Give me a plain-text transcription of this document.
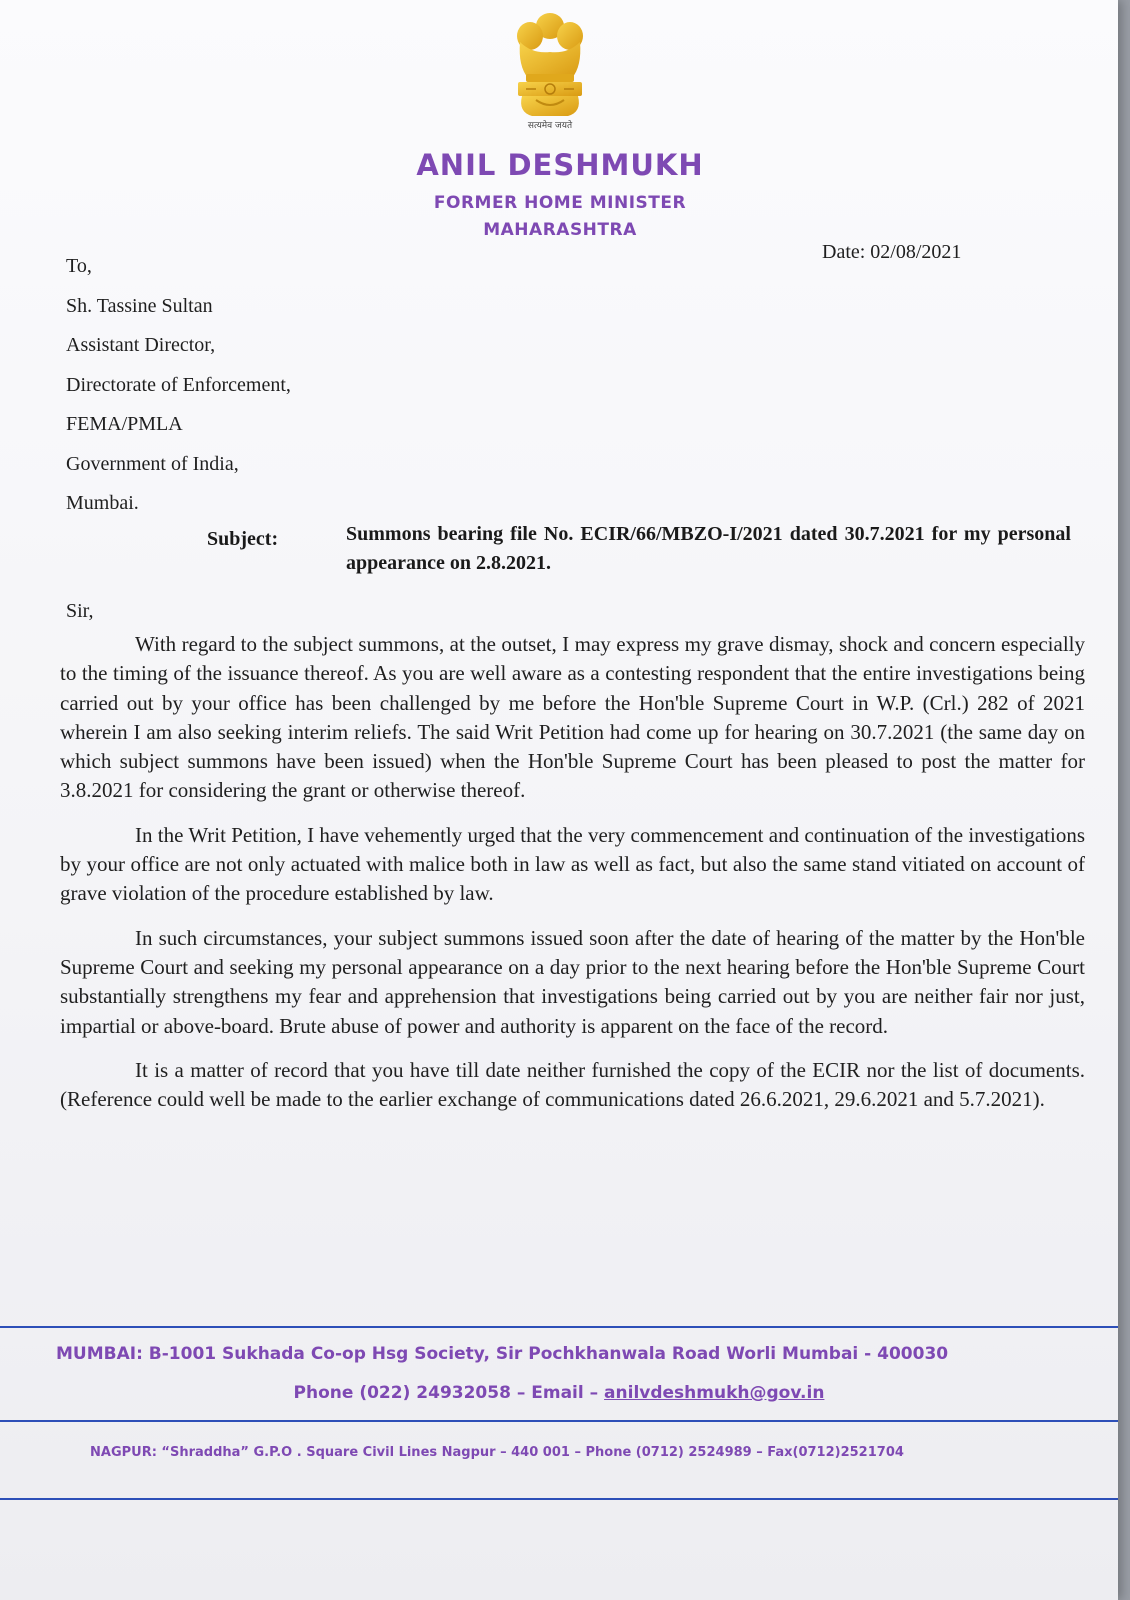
सत्यमेव जयते
ANIL DESHMUKH
FORMER HOME MINISTER
MAHARASHTRA
Date: 02/08/2021
To,
Sh. Tassine Sultan
Assistant Director,
Directorate of Enforcement,
FEMA/PMLA
Government of India,
Mumbai.
Subject:	Summons bearing file No. ECIR/66/MBZO-I/2021 dated 30.7.2021 for my personal appearance on 2.8.2021.
Sir,

With regard to the subject summons, at the outset, I may express my grave dismay, shock and concern especially to the timing of the issuance thereof. As you are well aware as a contesting respondent that the entire investigations being carried out by your office has been challenged by me before the Hon'ble Supreme Court in W.P. (Crl.) 282 of 2021 wherein I am also seeking interim reliefs. The said Writ Petition had come up for hearing on 30.7.2021 (the same day on which subject summons have been issued) when the Hon'ble Supreme Court has been pleased to post the matter for 3.8.2021 for considering the grant or otherwise thereof.

In the Writ Petition, I have vehemently urged that the very commencement and continuation of the investigations by your office are not only actuated with malice both in law as well as fact, but also the same stand vitiated on account of grave violation of the procedure established by law.

In such circumstances, your subject summons issued soon after the date of hearing of the matter by the Hon'ble Supreme Court and seeking my personal appearance on a day prior to the next hearing before the Hon'ble Supreme Court substantially strengthens my fear and apprehension that investigations being carried out by you are neither fair nor just, impartial or above-board. Brute abuse of power and authority is apparent on the face of the record.

It is a matter of record that you have till date neither furnished the copy of the ECIR nor the list of documents. (Reference could well be made to the earlier exchange of communications dated 26.6.2021, 29.6.2021 and 5.7.2021).

MUMBAI: B-1001 Sukhada Co-op Hsg Society, Sir Pochkhanwala Road Worli Mumbai - 400030
Phone (022) 24932058 – Email – anilvdeshmukh@gov.in
NAGPUR: “Shraddha” G.P.O . Square Civil Lines Nagpur – 440 001 – Phone (0712) 2524989 – Fax(0712)2521704
